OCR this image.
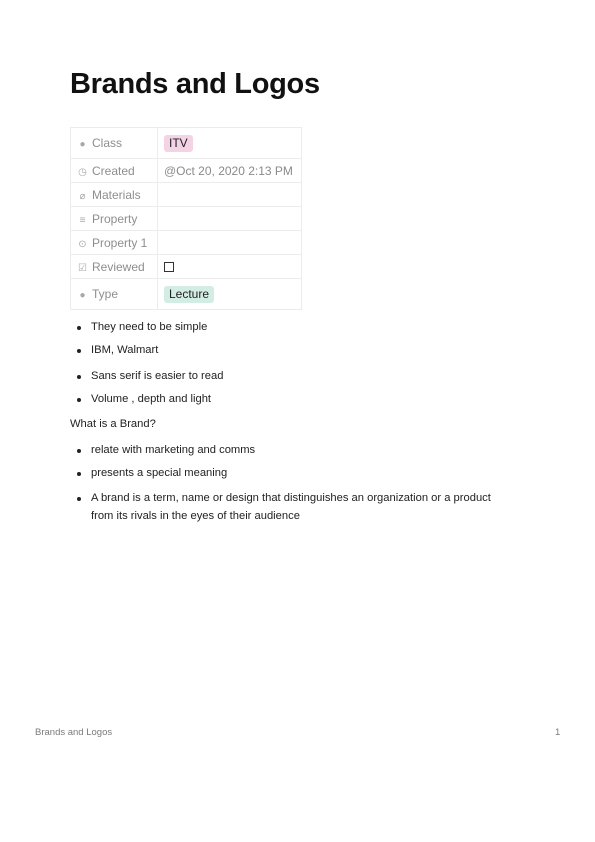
Brands and Logos
● Class	ITV
◷ Created	@Oct 20, 2020 2:13 PM
⌀ Materials	
≡ Property	
⊙ Property 1	
☑ Reviewed	
● Type	Lecture
They need to be simple
IBM, Walmart
Sans serif is easier to read
Volume , depth and light

What is a Brand?

relate with marketing and comms
presents a special meaning
A brand is a term, name or design that distinguishes an organization or a product from its rivals in the eyes of their audience
Brands and Logos	1
